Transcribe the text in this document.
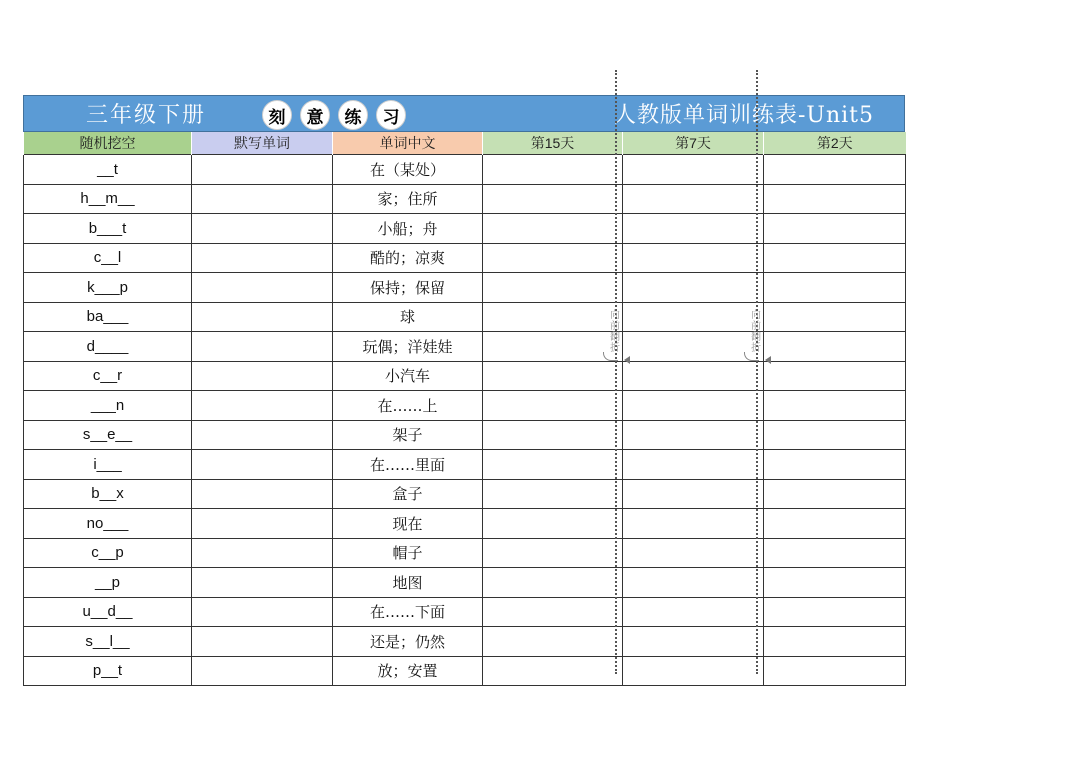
三年级下册	刻	意	练	习	人教版单词训练表-Unit5
随机挖空	默写单词	单词中文	第15天	第7天	第2天
__t		在（某处）			
h__m__		家；住所			
b___t		小船；舟			
c__l		酷的；凉爽			
k___p		保持；保留			
ba___		球			
d____		玩偶；洋娃娃			
c__r		小汽车			
___n		在……上			
s__e__		架子			
i___		在……里面			
b__x		盒子			
no___		现在			
c__p		帽子			
__p		地图			
u__d__		在……下面			
s__l__		还是；仍然			
p__t		放；安置			
向前翻折
向前翻折
